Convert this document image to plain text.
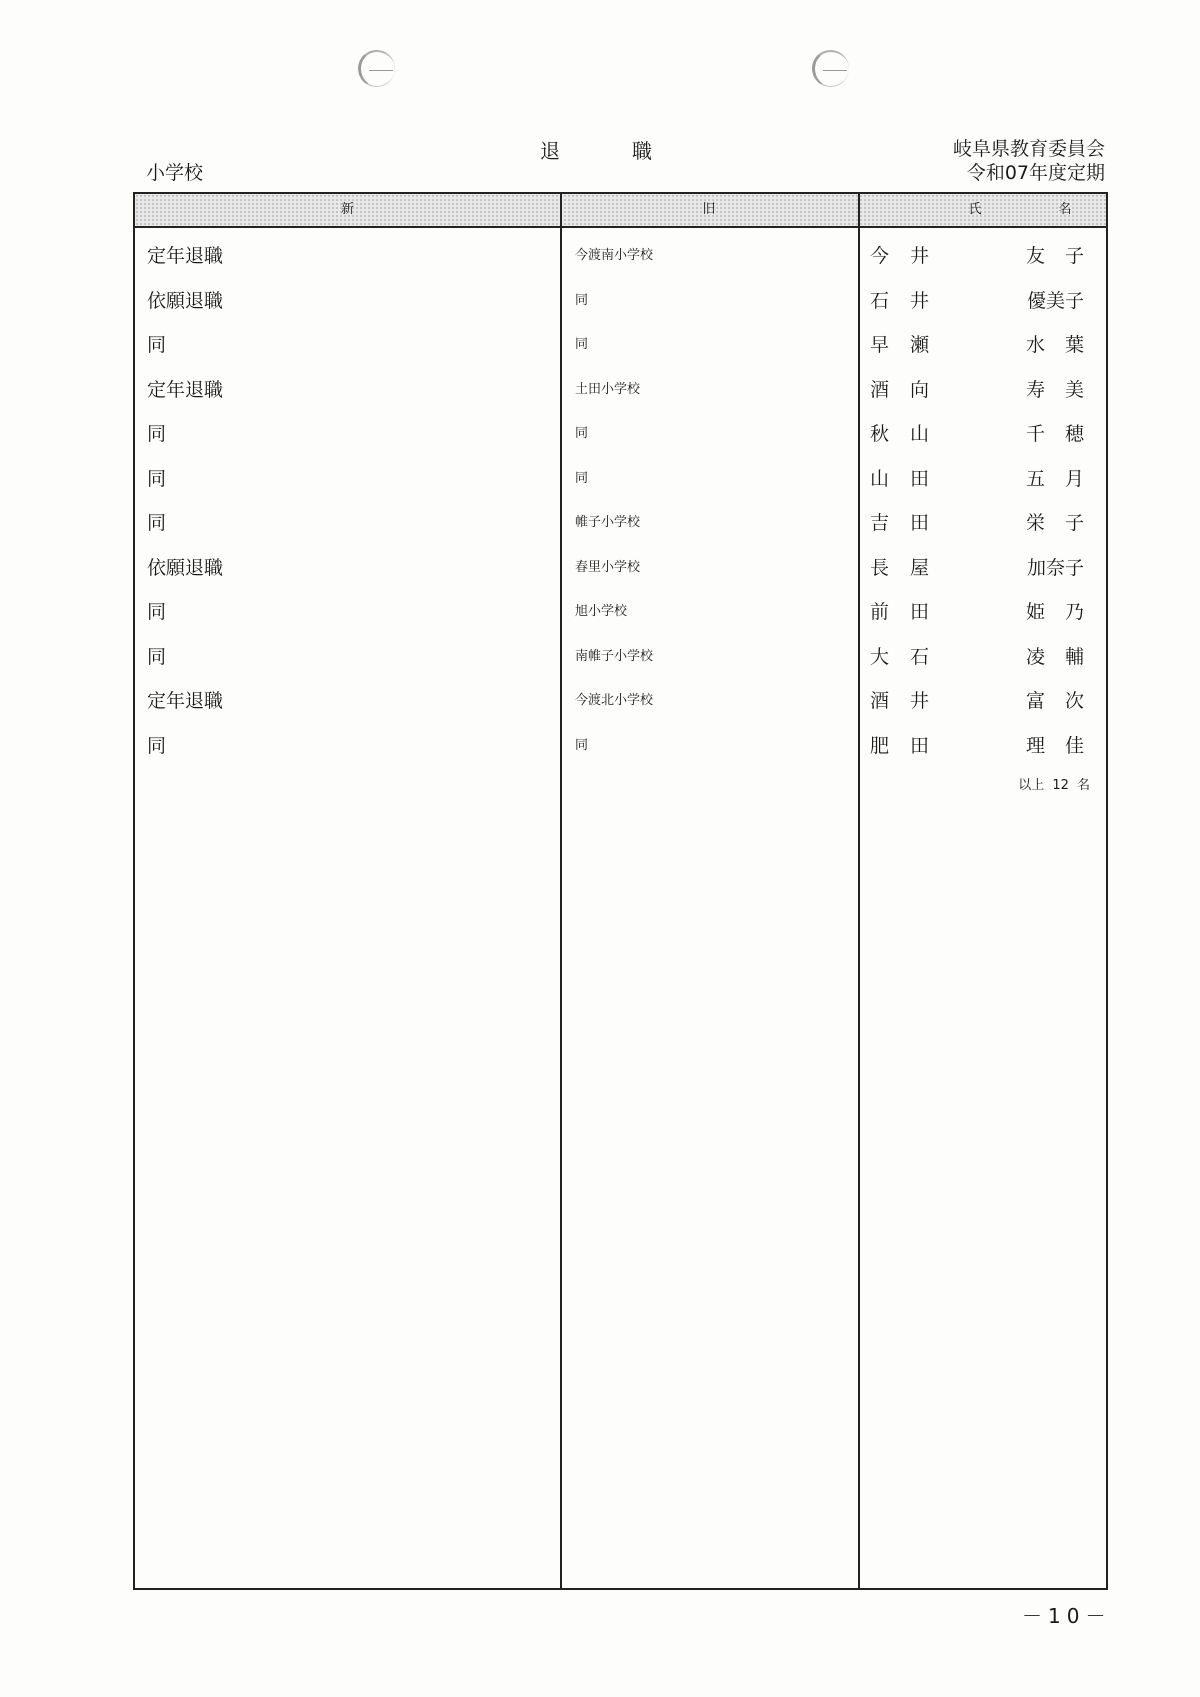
退	職
小学校
岐阜県教育委員会
令和07年度定期
新	旧	氏	名
定年退職	今渡南小学校	今井	友子
依願退職	同	石井	優美子
同	同	早瀬	水葉
定年退職	土田小学校	酒向	寿美
同	同	秋山	千穂
同	同	山田	五月
同	帷子小学校	吉田	栄子
依願退職	春里小学校	長屋	加奈子
同	旭小学校	前田	姫乃
同	南帷子小学校	大石	凌輔
定年退職	今渡北小学校	酒井	富次
同	同	肥田	理佳
以上 12 名
－10－
